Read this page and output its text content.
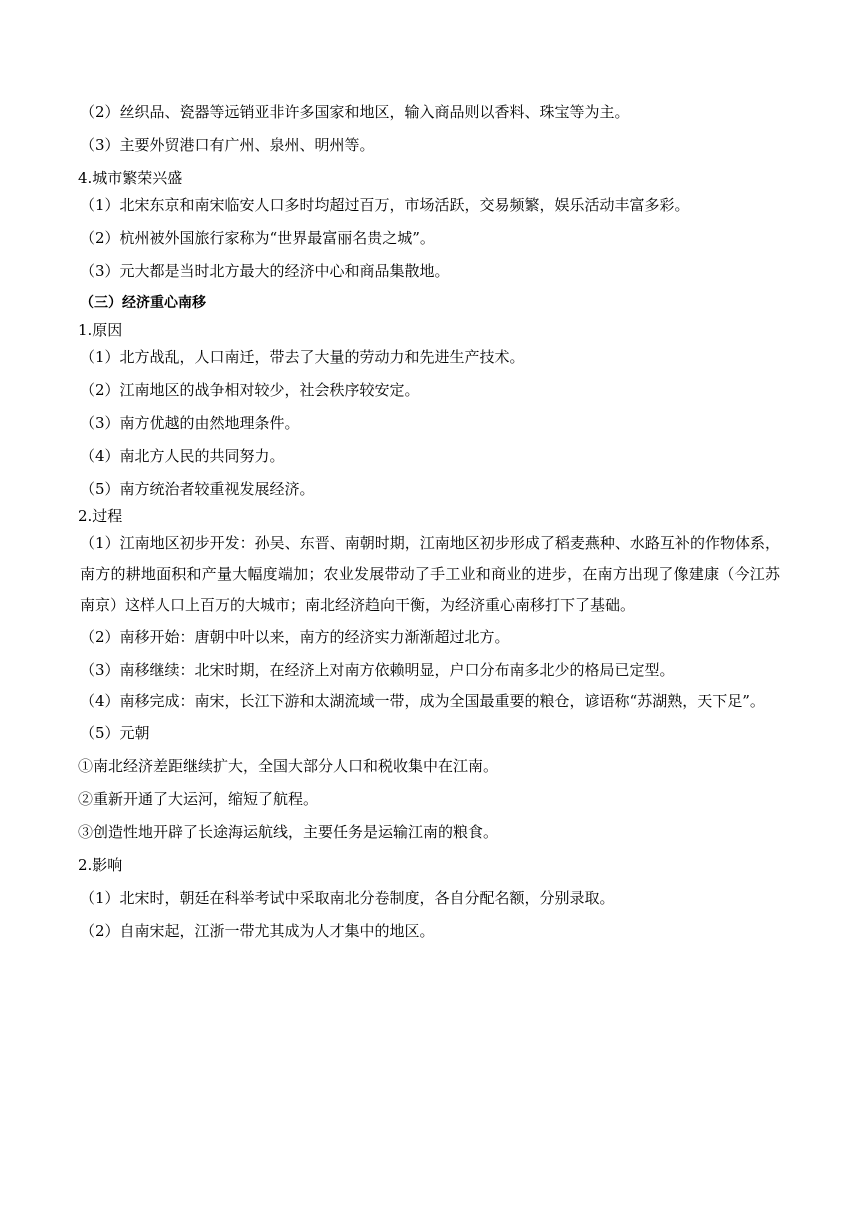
（2）丝织品、瓷器等远销亚非许多国家和地区，输入商品则以香料、珠宝等为主。
（3）主要外贸港口有广州、泉州、明州等。
4.城市繁荣兴盛
（1）北宋东京和南宋临安人口多时均超过百万，市场活跃，交易频繁，娱乐活动丰富多彩。
（2）杭州被外国旅行家称为“世界最富丽名贵之城”。
（3）元大都是当时北方最大的经济中心和商品集散地。
（三）经济重心南移
1.原因
（1）北方战乱，人口南迁，带去了大量的劳动力和先进生产技术。
（2）江南地区的战争相对较少，社会秩序较安定。
（3）南方优越的由然地理条件。
（4）南北方人民的共同努力。
（5）南方统治者较重视发展经济。
2.过程
（1）江南地区初步开发：孙吴、东晋、南朝时期，江南地区初步形成了稻麦燕种、水路互补的作物体系，南方的耕地面积和产量大幅度端加；农业发展带动了手工业和商业的进步，在南方出现了像建康（今江苏南京）这样人口上百万的大城市；南北经济趋向干衡，为经济重心南移打下了基础。
（2）南移开始：唐朝中叶以来，南方的经济实力渐渐超过北方。
（3）南移继续：北宋时期，在经济上对南方依赖明显，户口分布南多北少的格局已定型。
（4）南移完成：南宋，长江下游和太湖流域一带，成为全国最重要的粮仓，谚语称“苏湖熟，天下足”。
（5）元朝
①南北经济差距继续扩大，全国大部分人口和税收集中在江南。
②重新开通了大运河，缩短了航程。
③创造性地开辟了长途海运航线，主要任务是运输江南的粮食。
2.影响
（1）北宋时，朝廷在科举考试中采取南北分卷制度，各自分配名额，分别录取。
（2）自南宋起，江浙一带尤其成为人才集中的地区。
